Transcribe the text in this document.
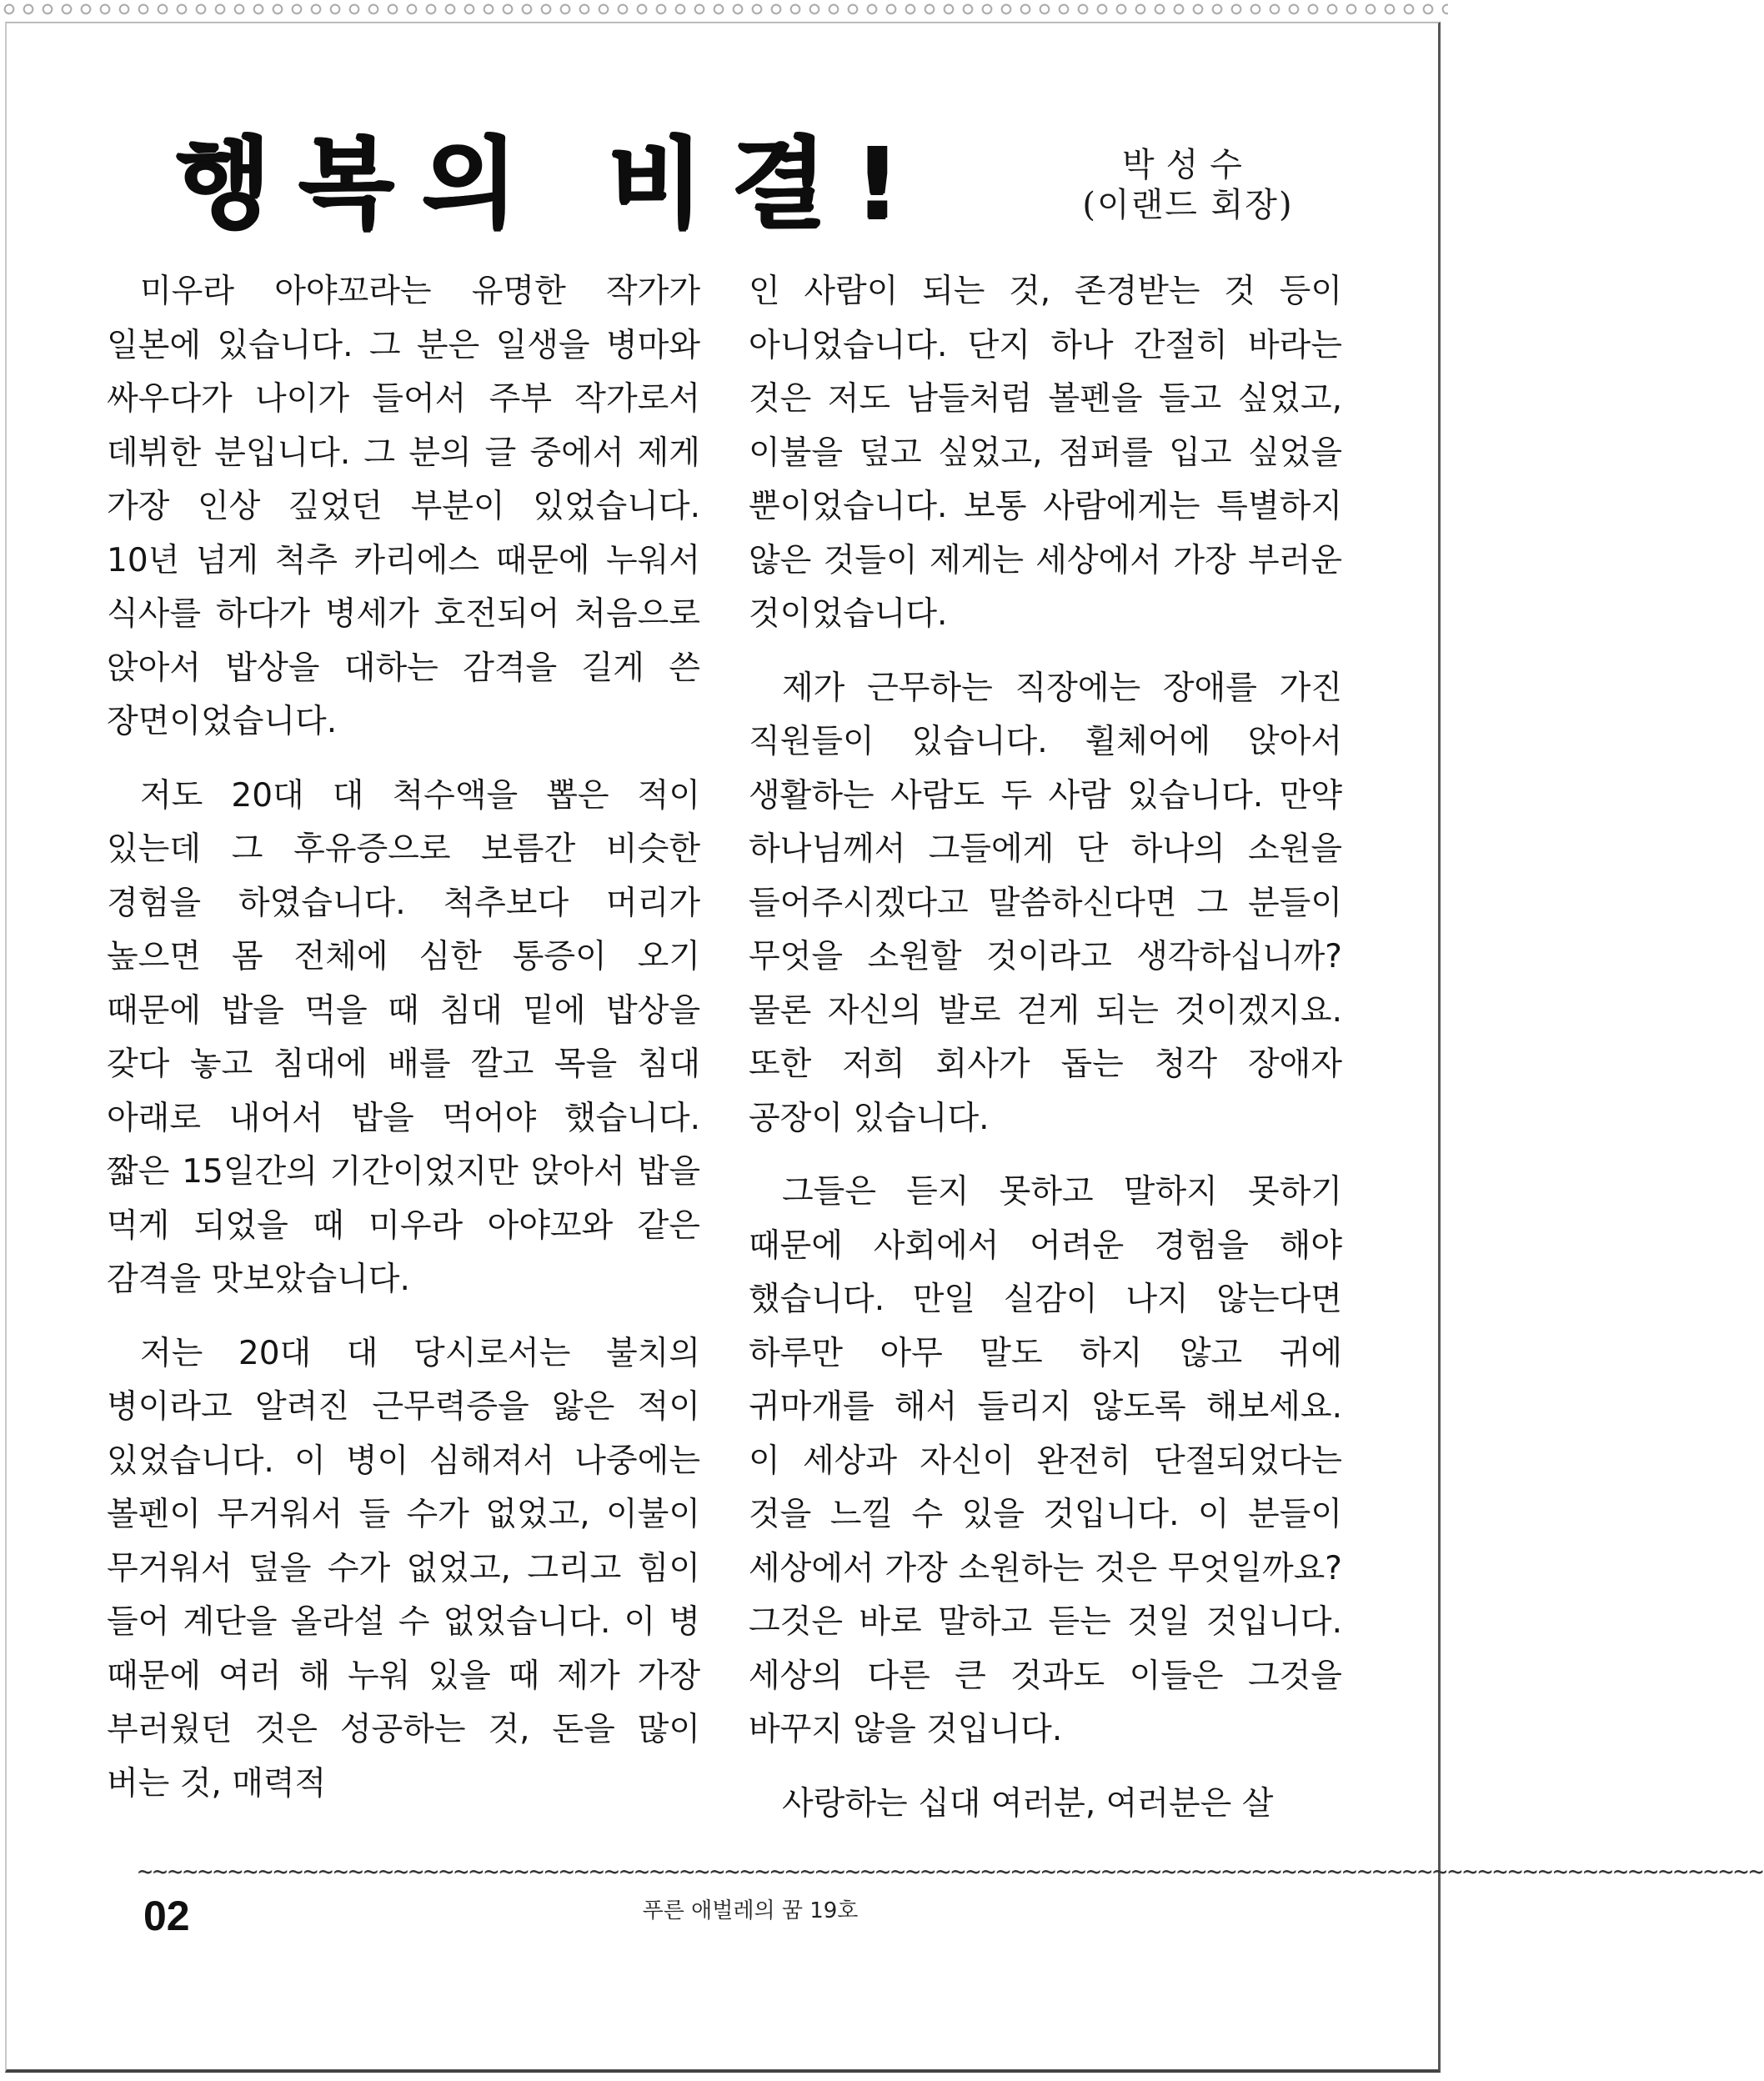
행복의 비결!	박성수
(이랜드 회장)

미우라 아야꼬라는 유명한 작가가 일본에 있습니다. 그 분은 일생을 병마와 싸우다가 나이가 들어서 주부 작가로서 데뷔한 분입니다. 그 분의 글 중에서 제게 가장 인상 깊었던 부분이 있었습니다. 10년 넘게 척추 카리에스 때문에 누워서 식사를 하다가 병세가 호전되어 처음으로 앉아서 밥상을 대하는 감격을 길게 쓴 장면이었습니다.

저도 20대 대 척수액을 뽑은 적이 있는데 그 후유증으로 보름간 비슷한 경험을 하였습니다. 척추보다 머리가 높으면 몸 전체에 심한 통증이 오기 때문에 밥을 먹을 때 침대 밑에 밥상을 갖다 놓고 침대에 배를 깔고 목을 침대 아래로 내어서 밥을 먹어야 했습니다. 짧은 15일간의 기간이었지만 앉아서 밥을 먹게 되었을 때 미우라 아야꼬와 같은 감격을 맛보았습니다.

저는 20대 대 당시로서는 불치의 병이라고 알려진 근무력증을 앓은 적이 있었습니다. 이 병이 심해져서 나중에는 볼펜이 무거워서 들 수가 없었고, 이불이 무거워서 덮을 수가 없었고, 그리고 힘이 들어 계단을 올라설 수 없었습니다. 이 병 때문에 여러 해 누워 있을 때 제가 가장 부러웠던 것은 성공하는 것, 돈을 많이 버는 것, 매력적

인 사람이 되는 것, 존경받는 것 등이 아니었습니다. 단지 하나 간절히 바라는 것은 저도 남들처럼 볼펜을 들고 싶었고, 이불을 덮고 싶었고, 점퍼를 입고 싶었을 뿐이었습니다. 보통 사람에게는 특별하지 않은 것들이 제게는 세상에서 가장 부러운 것이었습니다.

제가 근무하는 직장에는 장애를 가진 직원들이 있습니다. 휠체어에 앉아서 생활하는 사람도 두 사람 있습니다. 만약 하나님께서 그들에게 단 하나의 소원을 들어주시겠다고 말씀하신다면 그 분들이 무엇을 소원할 것이라고 생각하십니까? 물론 자신의 발로 걷게 되는 것이겠지요. 또한 저희 회사가 돕는 청각 장애자 공장이 있습니다.

그들은 듣지 못하고 말하지 못하기 때문에 사회에서 어려운 경험을 해야 했습니다. 만일 실감이 나지 않는다면 하루만 아무 말도 하지 않고 귀에 귀마개를 해서 들리지 않도록 해보세요. 이 세상과 자신이 완전히 단절되었다는 것을 느낄 수 있을 것입니다. 이 분들이 세상에서 가장 소원하는 것은 무엇일까요? 그것은 바로 말하고 듣는 것일 것입니다. 세상의 다른 큰 것과도 이들은 그것을 바꾸지 않을 것입니다.

사랑하는 십대 여러분, 여러분은 살

~~~~~~~~~~~~~~~~~~~~~~~~~~~~~~~~~~~~~~~~~~~~~~~~~~~~~~~~~~~~~~~~~~~~~~~~~~~~~~~~~~~~~~~~~~~~~~~~~~~~~~~~~~~~
02	푸른 애벌레의 꿈 19호
